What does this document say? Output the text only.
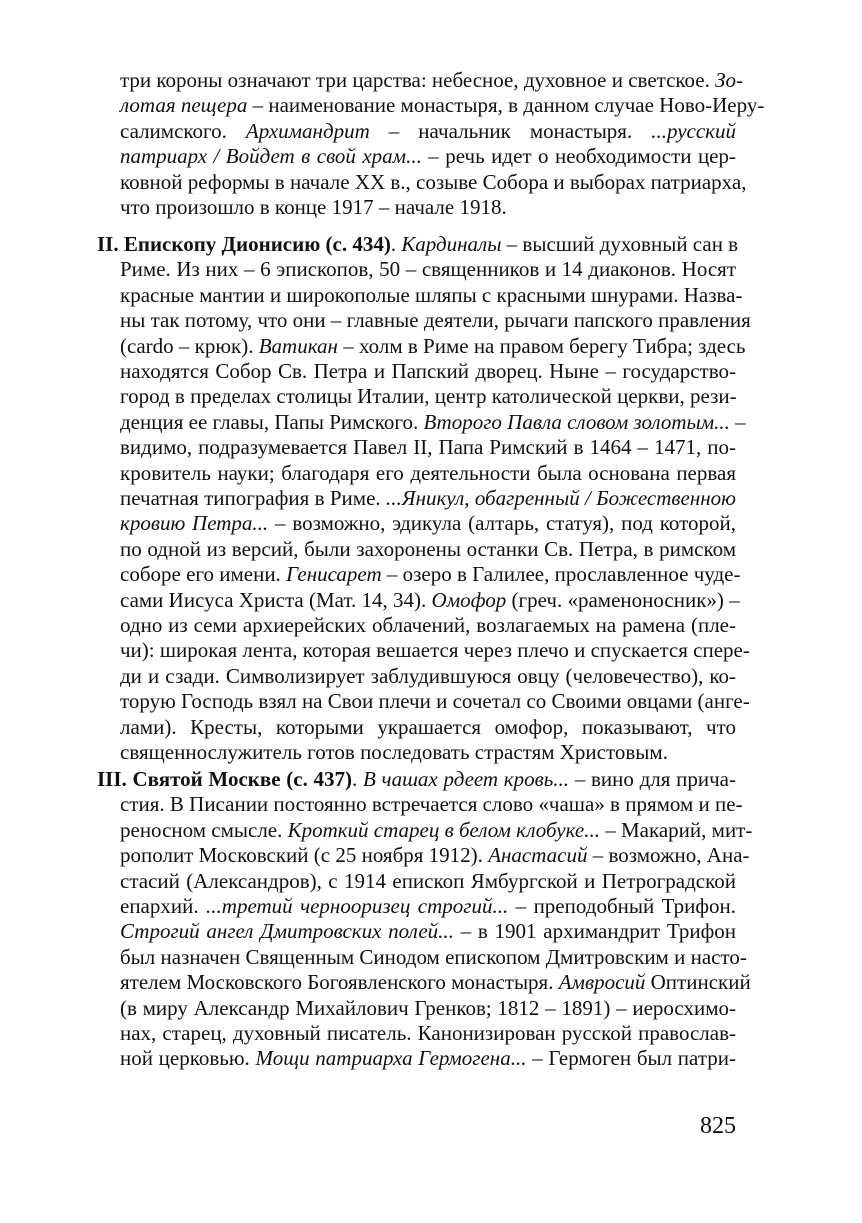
три короны означают три царства: небесное, духовное и светское. Зо-
лотая пещера – наименование монастыря, в данном случае Ново-Иеру-
салимского. Архимандрит – начальник монастыря. ...русский
патриарх / Войдет в свой храм... – речь идет о необходимости цер-
ковной реформы в начале XX в., созыве Собора и выборах патриарха,
что произошло в конце 1917 – начале 1918.
II. Епископу Дионисию (с. 434). Кардиналы – высший духовный сан в
Риме. Из них – 6 эпископов, 50 – священников и 14 диаконов. Носят
красные мантии и широкополые шляпы с красными шнурами. Назва-
ны так потому, что они – главные деятели, рычаги папского правления
(cardo – крюк). Ватикан – холм в Риме на правом берегу Тибра; здесь
находятся Собор Св. Петра и Папский дворец. Ныне – государство-
город в пределах столицы Италии, центр католической церкви, рези-
денция ее главы, Папы Римского. Второго Павла словом золотым... –
видимо, подразумевается Павел II, Папа Римский в 1464 – 1471, по-
кровитель науки; благодаря его деятельности была основана первая
печатная типография в Риме. ...Яникул, обагренный / Божественною
кровию Петра... – возможно, эдикула (алтарь, статуя), под которой,
по одной из версий, были захоронены останки Св. Петра, в римском
соборе его имени. Генисарет – озеро в Галилее, прославленное чуде-
сами Иисуса Христа (Мат. 14, 34). Омофор (греч. «раменоносник») –
одно из семи архиерейских облачений, возлагаемых на рамена (пле-
чи): широкая лента, которая вешается через плечо и спускается спере-
ди и сзади. Символизирует заблудившуюся овцу (человечество), ко-
торую Господь взял на Свои плечи и сочетал со Своими овцами (анге-
лами). Кресты, которыми украшается омофор, показывают, что
священнослужитель готов последовать страстям Христовым.
III. Святой Москве (с. 437). В чашах рдеет кровь... – вино для прича-
стия. В Писании постоянно встречается слово «чаша» в прямом и пе-
реносном смысле. Кроткий старец в белом клобуке... – Макарий, мит-
рополит Московский (с 25 ноября 1912). Анастасий – возможно, Ана-
стасий (Александров), с 1914 епископ Ямбургской и Петроградской
епархий. ...третий чернооризец строгий... – преподобный Трифон.
Строгий ангел Дмитровских полей... – в 1901 архимандрит Трифон
был назначен Священным Синодом епископом Дмитровским и насто-
ятелем Московского Богоявленского монастыря. Амвросий Оптинский
(в миру Александр Михайлович Гренков; 1812 – 1891) – иеросхимо-
нах, старец, духовный писатель. Канонизирован русской православ-
ной церковью. Мощи патриарха Гермогена... – Гермоген был патри-
825
